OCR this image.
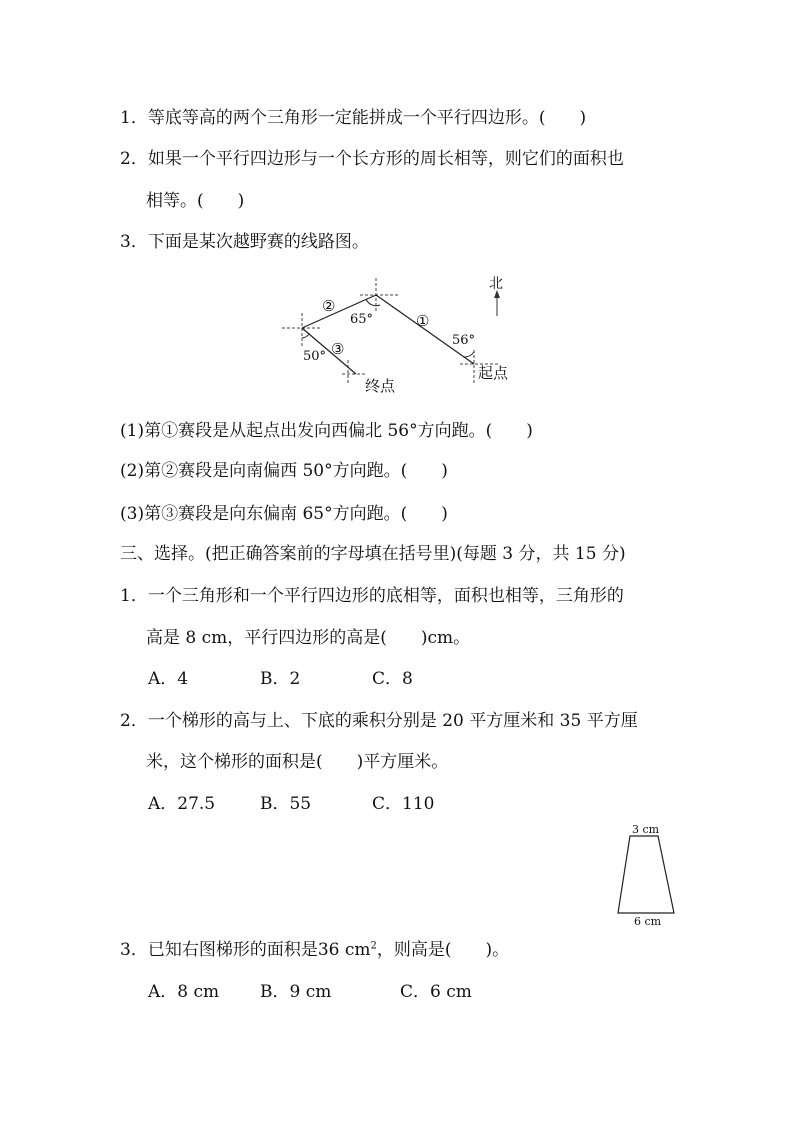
1．等底等高的两个三角形一定能拼成一个平行四边形。(　　)
2．如果一个平行四边形与一个长方形的周长相等，则它们的面积也
相等。(　　)
3．下面是某次越野赛的线路图。
北
②
65°	①
56°
50° ③
终点
起点
(1)第①赛段是从起点出发向西偏北 56°方向跑。(　　)
(2)第②赛段是向南偏西 50°方向跑。(　　)
(3)第③赛段是向东偏南 65°方向跑。(　　)
三、选择。(把正确答案前的字母填在括号里)(每题 3 分，共 15 分)
1．一个三角形和一个平行四边形的底相等，面积也相等，三角形的
高是 8 cm，平行四边形的高是(　　)cm。
A．4	B．2	C．8
2．一个梯形的高与上、下底的乘积分别是 20 平方厘米和 35 平方厘
米，这个梯形的面积是(　　)平方厘米。
A．27.5	B．55	C．110
3 cm
6 cm
3．已知右图梯形的面积是36 $cm^2$，则高是(　　)。
A．8 cm B．9 cm	C．6 cm
